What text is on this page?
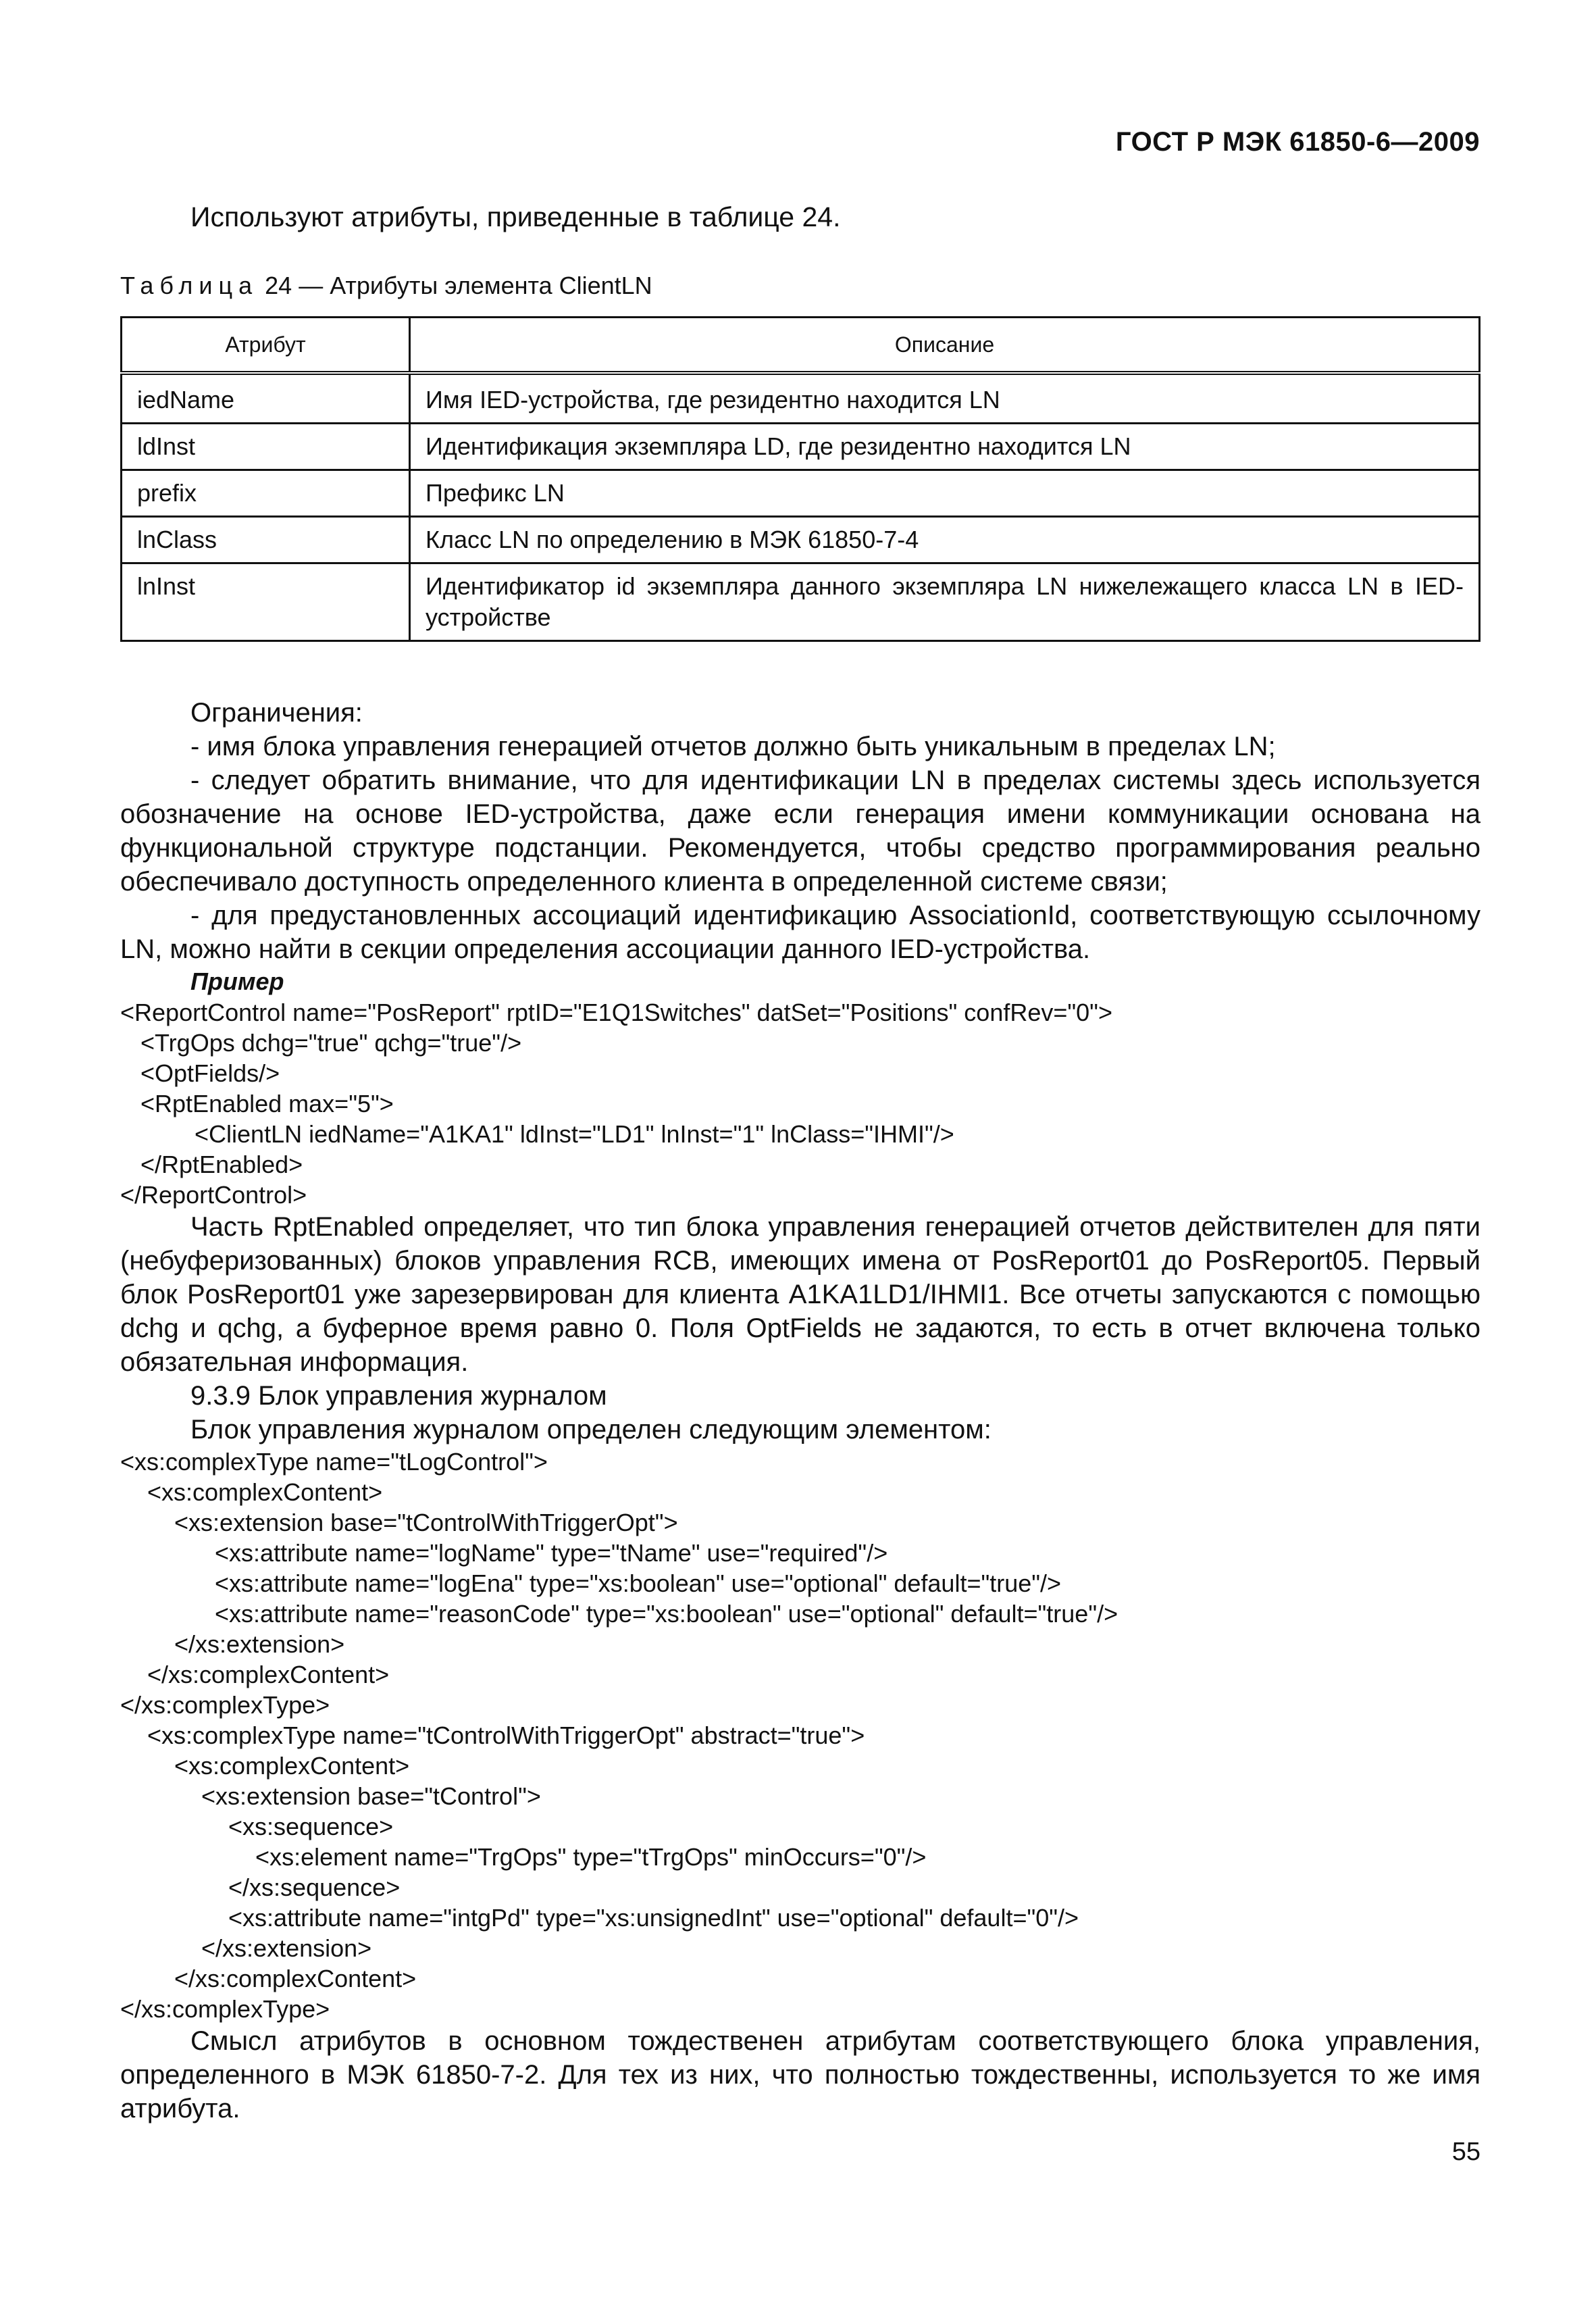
ГОСТ Р МЭК 61850-6—2009
Используют атрибуты, приведенные в таблице 24.
Таблица 24 — Атрибуты элемента ClientLN
Атрибут	Описание
iedName	Имя IED-устройства, где резидентно находится LN
ldInst	Идентификация экземпляра LD, где резидентно находится LN
prefix	Префикс LN
lnClass	Класс LN по определению в МЭК 61850-7-4
lnInst	Идентификатор id экземпляра данного экземпляра LN нижележащего класса LN в IED-устройстве
Ограничения:
- имя блока управления генерацией отчетов должно быть уникальным в пределах LN;
- следует обратить внимание, что для идентификации LN в пределах системы здесь используется обозначение на основе IED-устройства, даже если генерация имени коммуникации основана на функциональной структуре подстанции. Рекомендуется, чтобы средство программирования реально обеспечивало доступность определенного клиента в определенной системе связи;
- для предустановленных ассоциаций идентификацию AssociationId, соответствующую ссылочному LN, можно найти в секции определения ассоциации данного IED-устройства.
Пример
<ReportControl name="PosReport" rptID="E1Q1Switches" datSet="Positions" confRev="0">
<TrgOps dchg="true" qchg="true"/>
<OptFields/>
<RptEnabled max="5">
<ClientLN iedName="A1KA1" ldInst="LD1" lnInst="1" lnClass="IHMI"/>
</RptEnabled>
</ReportControl>
Часть RptEnabled определяет, что тип блока управления генерацией отчетов действителен для пяти (небуферизованных) блоков управления RCB, имеющих имена от PosReport01 до PosReport05. Первый блок PosReport01 уже зарезервирован для клиента A1KA1LD1/IHMI1. Все отчеты запускаются с помощью dchg и qchg, а буферное время равно 0. Поля OptFields не задаются, то есть в отчет включена только обязательная информация.
9.3.9 Блок управления журналом
Блок управления журналом определен следующим элементом:
<xs:complexType name="tLogControl">
<xs:complexContent>
<xs:extension base="tControlWithTriggerOpt">
<xs:attribute name="logName" type="tName" use="required"/>
<xs:attribute name="logEna" type="xs:boolean" use="optional" default="true"/>
<xs:attribute name="reasonCode" type="xs:boolean" use="optional" default="true"/>
</xs:extension>
</xs:complexContent>
</xs:complexType>
<xs:complexType name="tControlWithTriggerOpt" abstract="true">
<xs:complexContent>
<xs:extension base="tControl">
<xs:sequence>
<xs:element name="TrgOps" type="tTrgOps" minOccurs="0"/>
</xs:sequence>
<xs:attribute name="intgPd" type="xs:unsignedInt" use="optional" default="0"/>
</xs:extension>
</xs:complexContent>
</xs:complexType>
Смысл атрибутов в основном тождественен атрибутам соответствующего блока управления, определенного в МЭК 61850-7-2. Для тех из них, что полностью тождественны, используется то же имя атрибута.
55
